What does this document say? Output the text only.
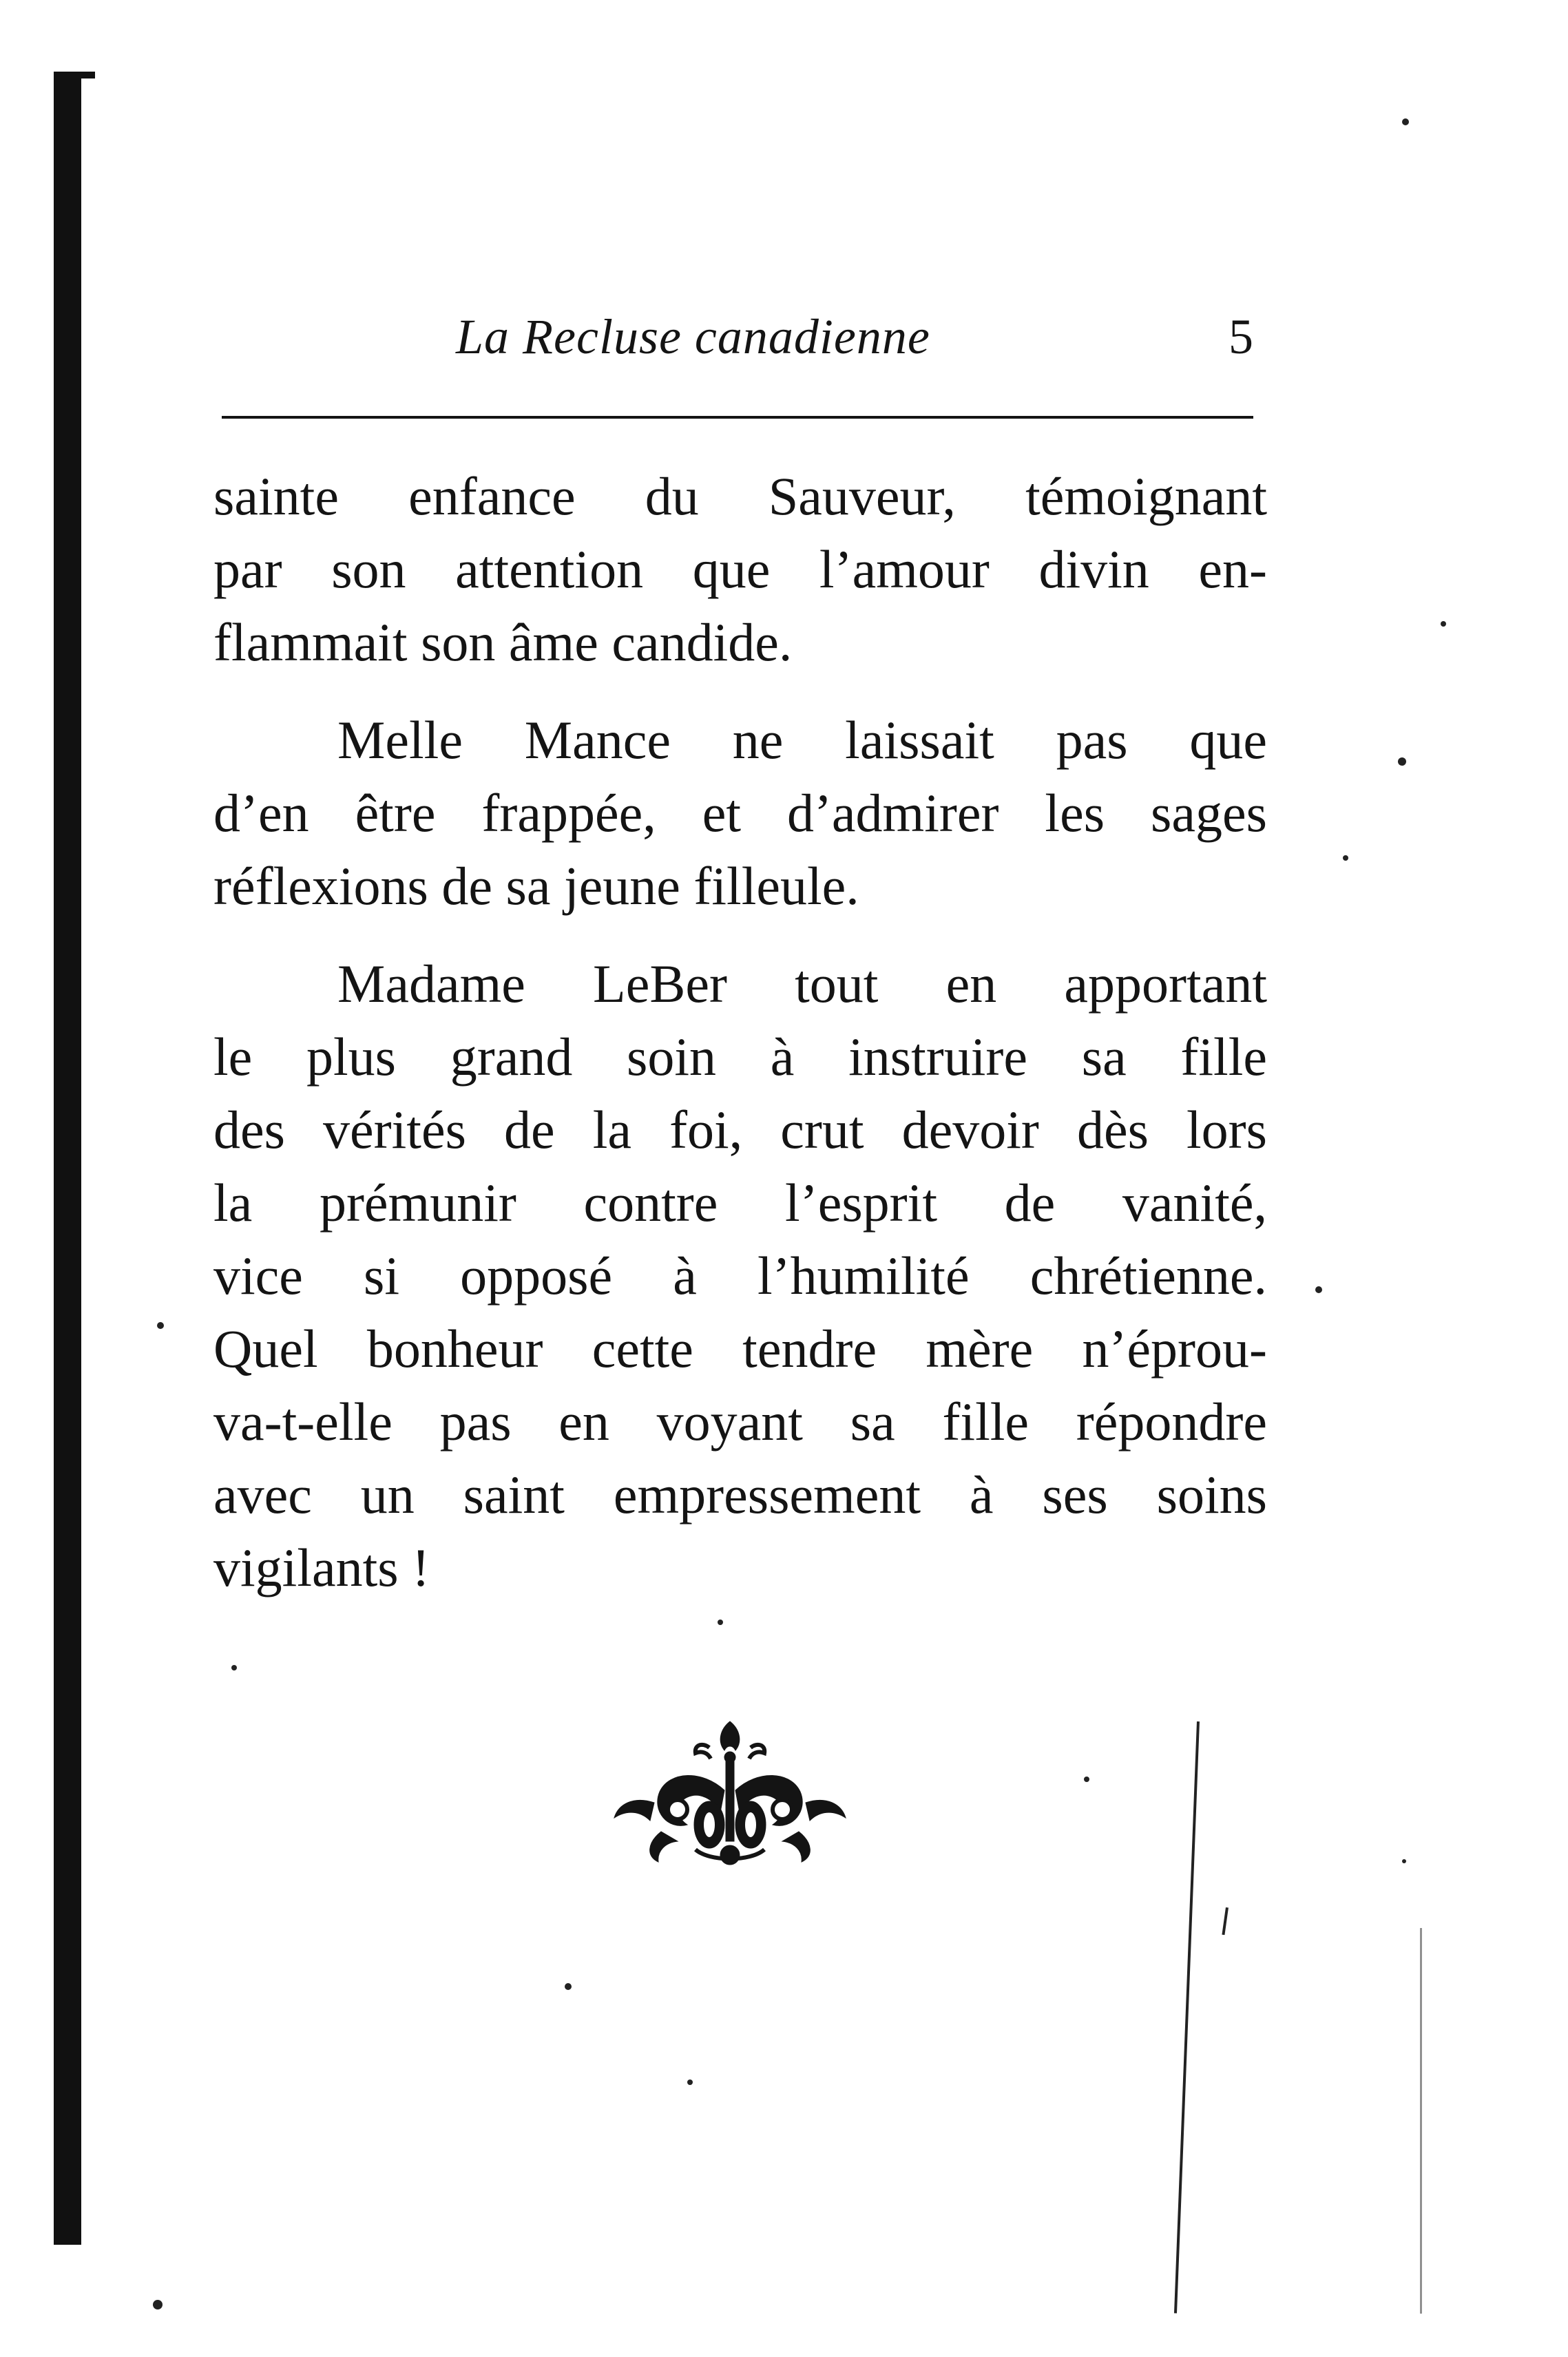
La Recluse canadienne	5

sainte enfance du Sauveur, témoignant
par son attention que l’amour divin en-
flammait son âme candide.

Melle Mance ne laissait pas que
d’en être frappée, et d’admirer les sages
réflexions de sa jeune filleule.

Madame LeBer tout en apportant
le plus grand soin à instruire sa fille
des vérités de la foi, crut devoir dès lors
la prémunir contre l’esprit de vanité,
vice si opposé à l’humilité chrétienne.
Quel bonheur cette tendre mère n’éprou-
va-t-elle pas en voyant sa fille répondre
avec un saint empressement à ses soins
vigilants !
